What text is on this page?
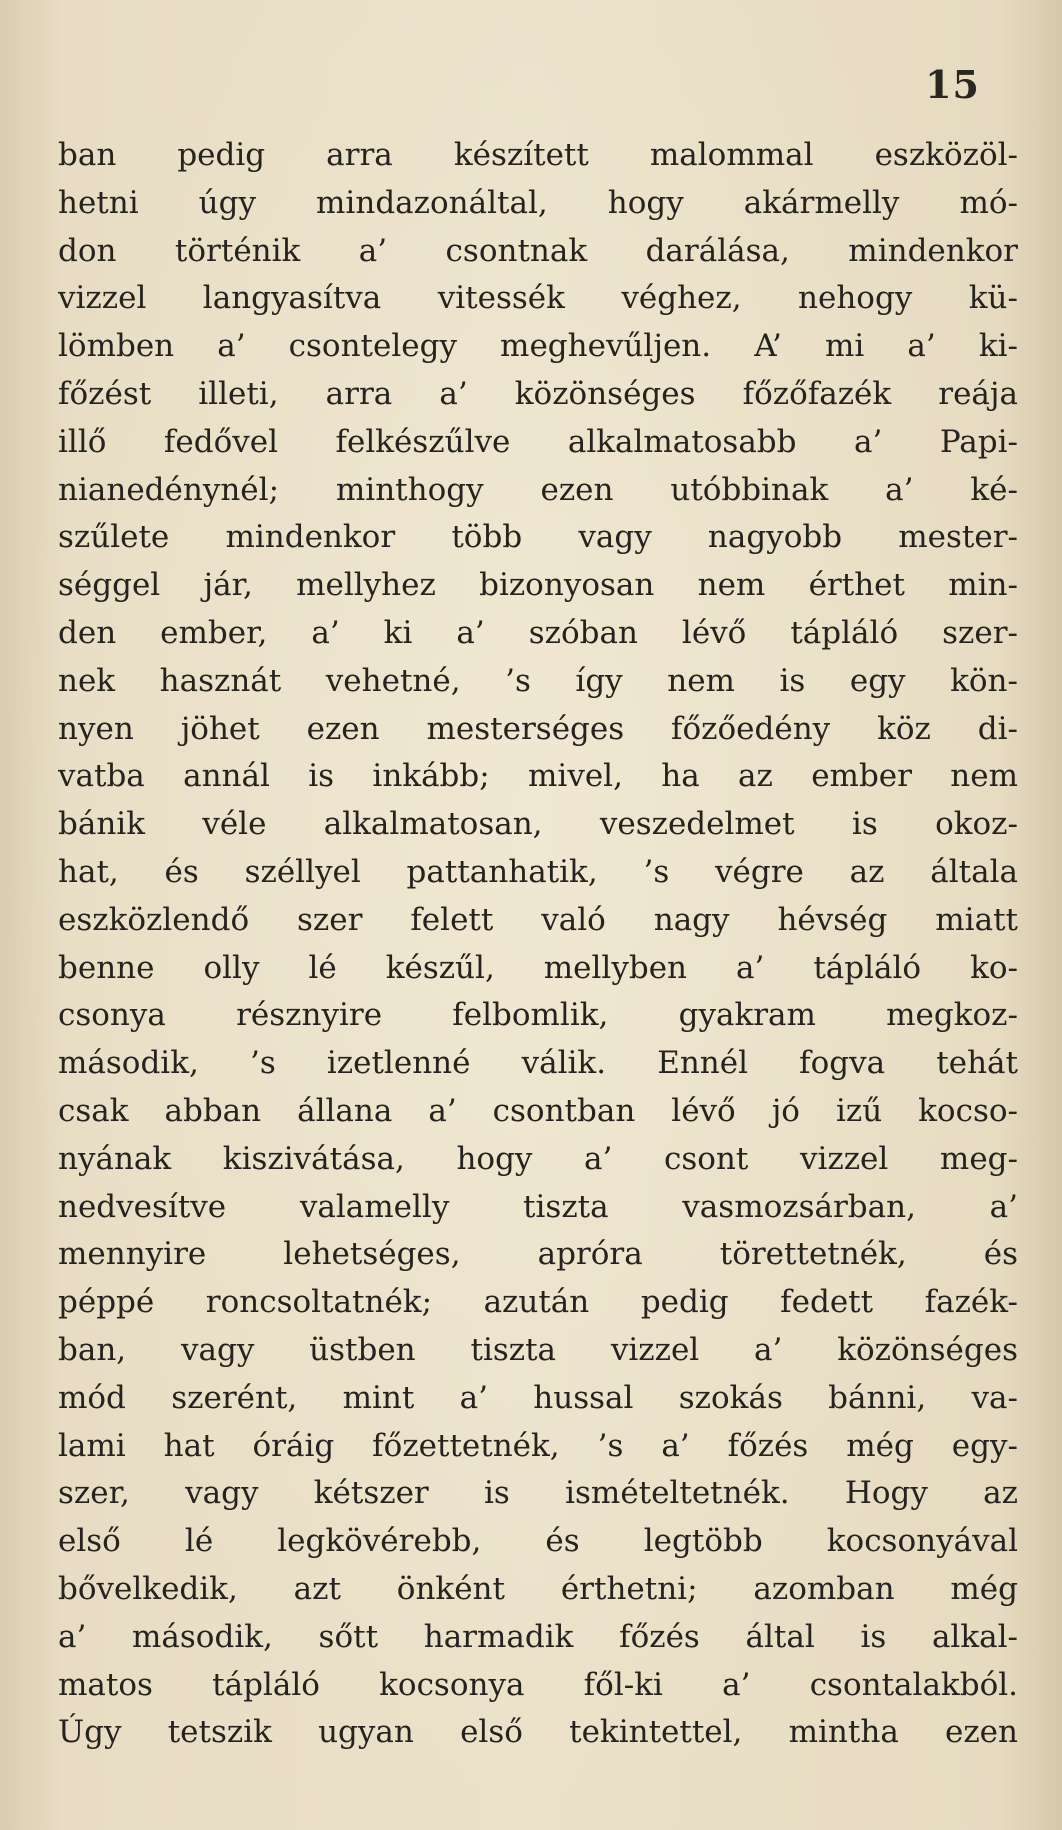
15
ban pedig arra készített malommal eszközöl-
hetni úgy mindazonáltal, hogy akármelly mó-
don történik a’ csontnak darálása, mindenkor
vizzel langyasítva vitessék véghez, nehogy kü-
lömben a’ csontelegy meghevűljen. A’ mi a’ ki-
főzést illeti, arra a’ közönséges főzőfazék reája
illő fedővel felkészűlve alkalmatosabb a’ Papi-
nianedénynél; minthogy ezen utóbbinak a’ ké-
szűlete mindenkor több vagy nagyobb mester-
séggel jár, mellyhez bizonyosan nem érthet min-
den ember, a’ ki a’ szóban lévő tápláló szer-
nek hasznát vehetné, ’s így nem is egy kön-
nyen jöhet ezen mesterséges főzőedény köz di-
vatba annál is inkább; mivel, ha az ember nem
bánik véle alkalmatosan, veszedelmet is okoz-
hat, és széllyel pattanhatik, ’s végre az általa
eszközlendő szer felett való nagy hévség miatt
benne olly lé készűl, mellyben a’ tápláló ko-
csonya résznyire felbomlik, gyakram megkoz-
második, ’s izetlenné válik. Ennél fogva tehát
csak abban állana a’ csontban lévő jó izű kocso-
nyának kiszivátása, hogy a’ csont vizzel meg-
nedvesítve valamelly tiszta vasmozsárban, a’
mennyire lehetséges, apróra törettetnék, és
péppé roncsoltatnék; azután pedig fedett fazék-
ban, vagy üstben tiszta vizzel a’ közönséges
mód szerént, mint a’ hussal szokás bánni, va-
lami hat óráig főzettetnék, ’s a’ főzés még egy-
szer, vagy kétszer is ismételtetnék. Hogy az
első lé legkövérebb, és legtöbb kocsonyával
bővelkedik, azt önként érthetni; azomban még
a’ második, sőtt harmadik főzés által is alkal-
matos tápláló kocsonya fől-ki a’ csontalakból.
Úgy tetszik ugyan első tekintettel, mintha ezen
